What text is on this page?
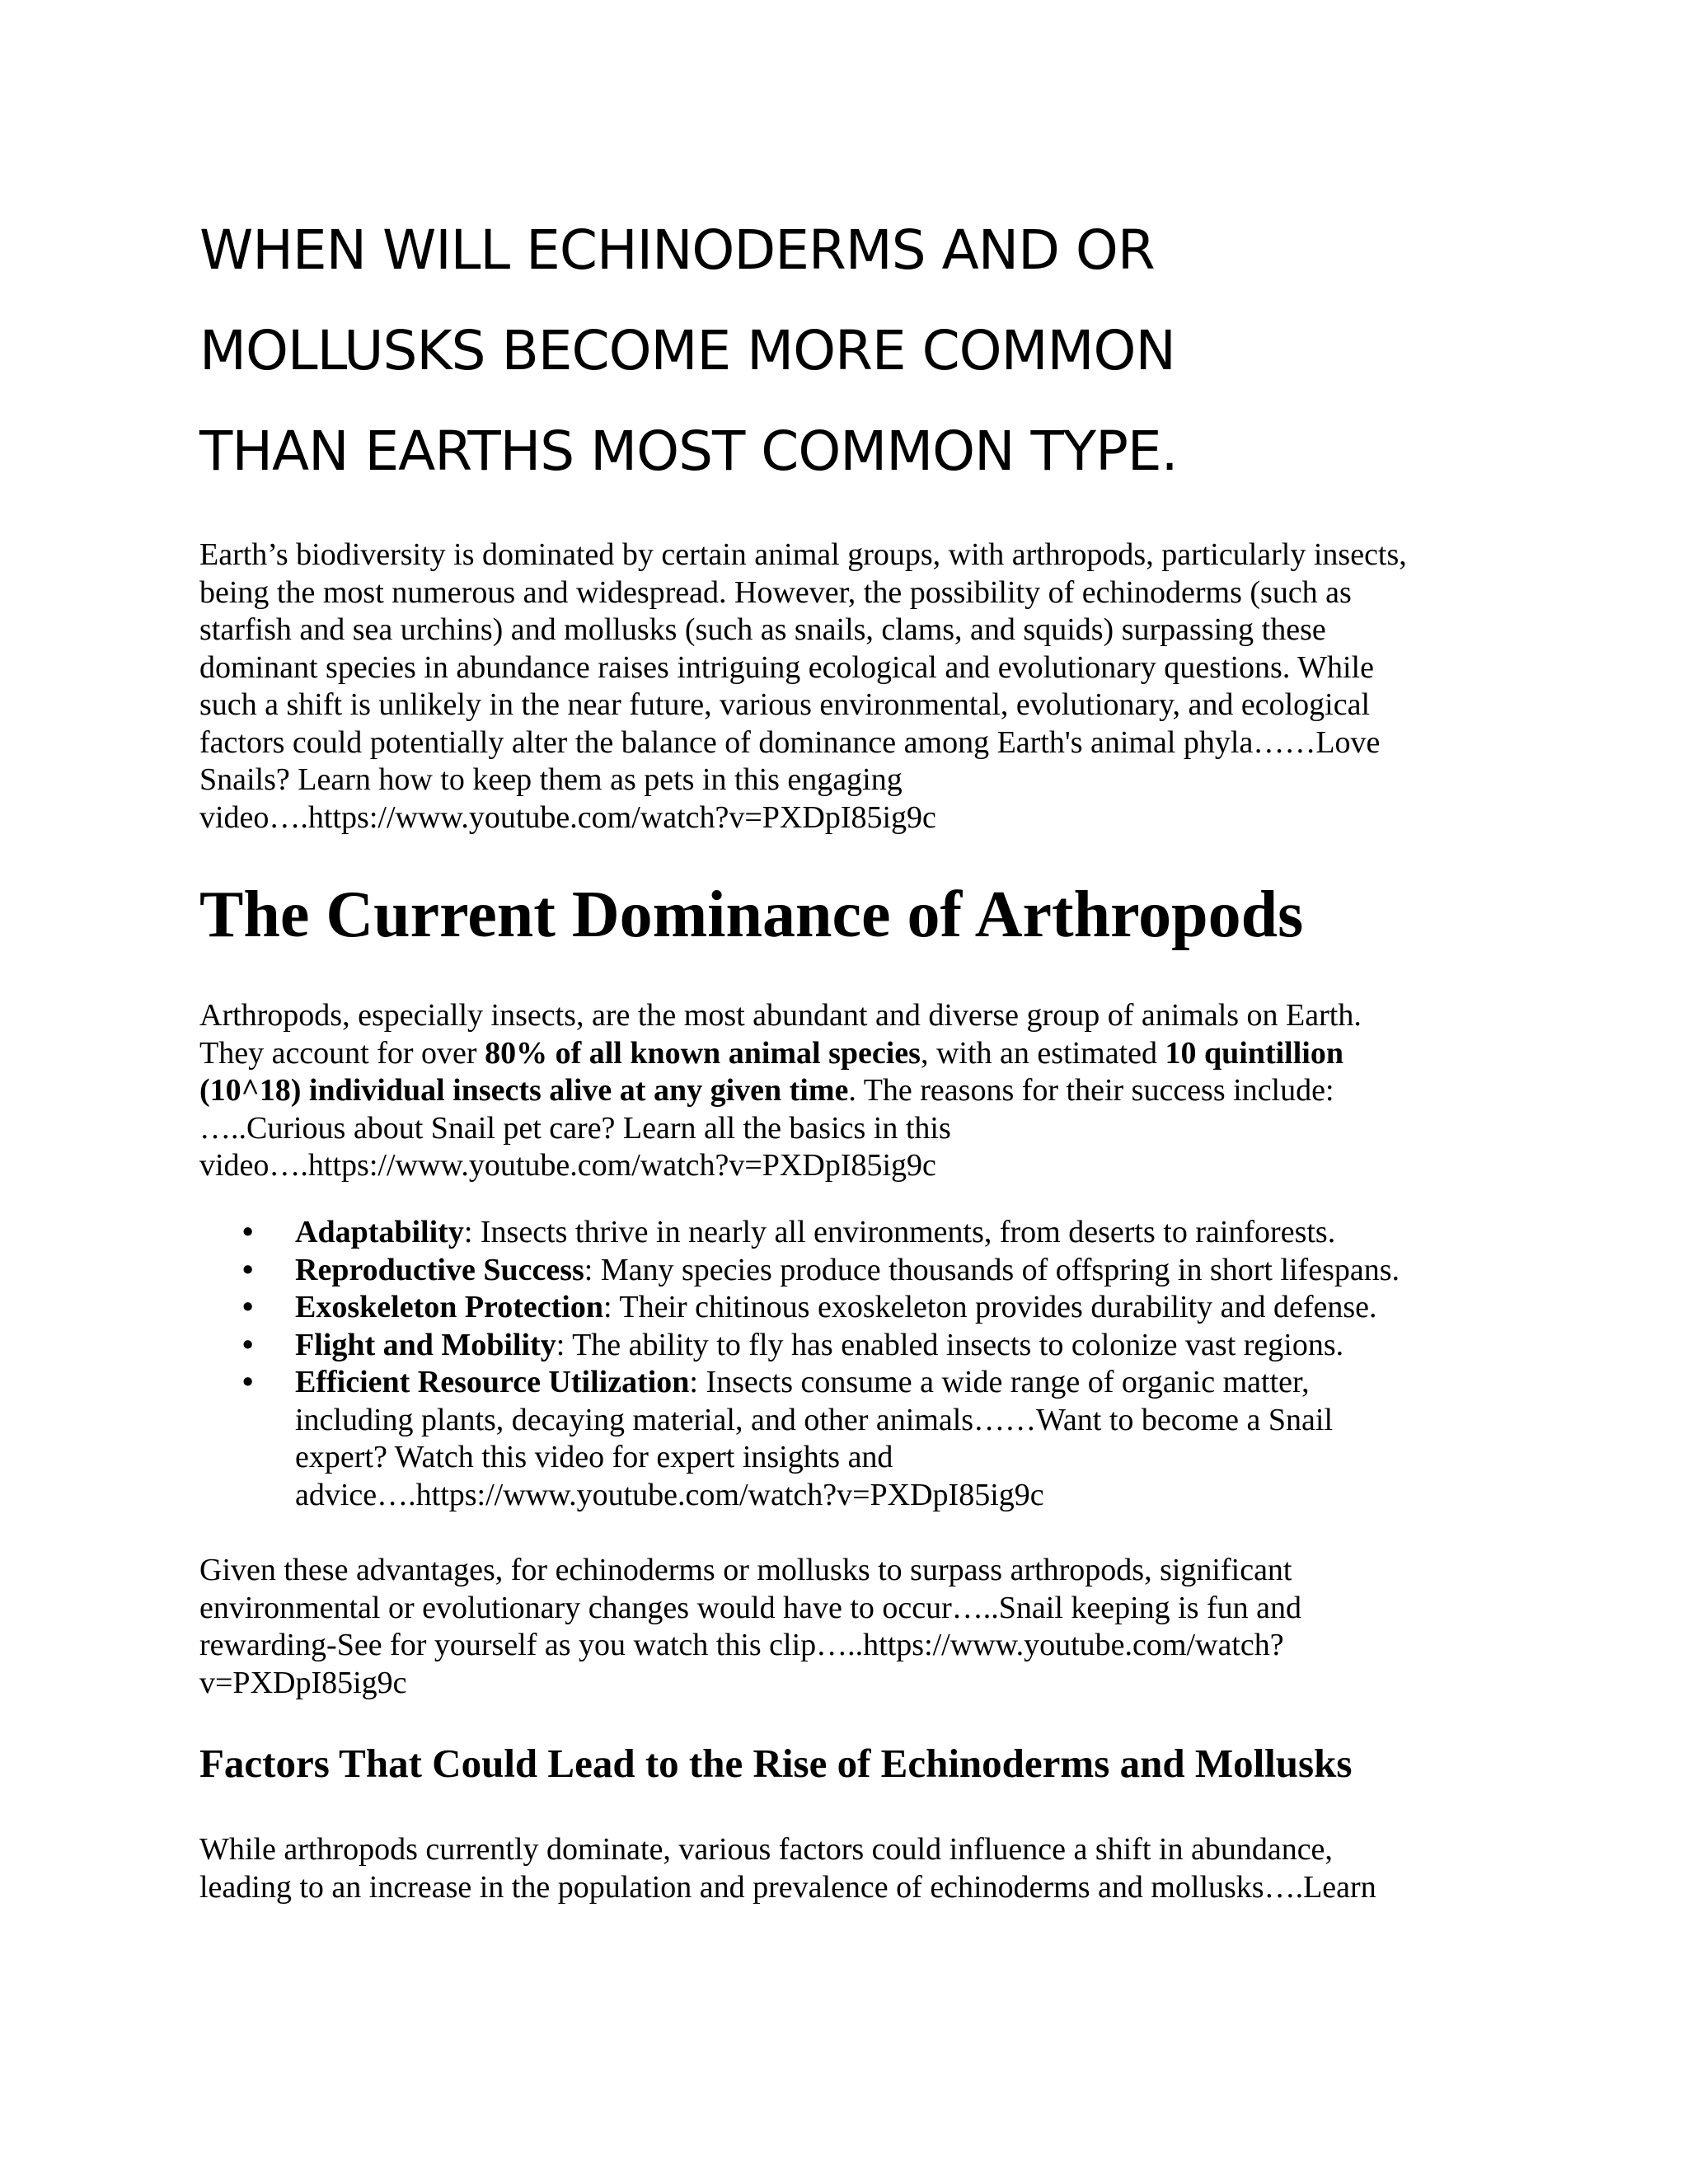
WHEN WILL ECHINODERMS AND OR
MOLLUSKS BECOME MORE COMMON
THAN EARTHS MOST COMMON TYPE.

Earth’s biodiversity is dominated by certain animal groups, with arthropods, particularly insects,
being the most numerous and widespread. However, the possibility of echinoderms (such as
starfish and sea urchins) and mollusks (such as snails, clams, and squids) surpassing these
dominant species in abundance raises intriguing ecological and evolutionary questions. While
such a shift is unlikely in the near future, various environmental, evolutionary, and ecological
factors could potentially alter the balance of dominance among Earth's animal phyla……Love
Snails? Learn how to keep them as pets in this engaging
video….https://www.youtube.com/watch?v=PXDpI85ig9c

The Current Dominance of Arthropods

Arthropods, especially insects, are the most abundant and diverse group of animals on Earth.
They account for over 80% of all known animal species, with an estimated 10 quintillion
(10^18) individual insects alive at any given time. The reasons for their success include:
…..Curious about Snail pet care? Learn all the basics in this
video….https://www.youtube.com/watch?v=PXDpI85ig9c

• Adaptability: Insects thrive in nearly all environments, from deserts to rainforests.
• Reproductive Success: Many species produce thousands of offspring in short lifespans.
• Exoskeleton Protection: Their chitinous exoskeleton provides durability and defense.
• Flight and Mobility: The ability to fly has enabled insects to colonize vast regions.
• Efficient Resource Utilization: Insects consume a wide range of organic matter,
including plants, decaying material, and other animals……Want to become a Snail
expert? Watch this video for expert insights and
advice….https://www.youtube.com/watch?v=PXDpI85ig9c

Given these advantages, for echinoderms or mollusks to surpass arthropods, significant
environmental or evolutionary changes would have to occur…..Snail keeping is fun and
rewarding-See for yourself as you watch this clip…..https://www.youtube.com/watch?
v=PXDpI85ig9c

Factors That Could Lead to the Rise of Echinoderms and Mollusks

While arthropods currently dominate, various factors could influence a shift in abundance,
leading to an increase in the population and prevalence of echinoderms and mollusks….Learn
